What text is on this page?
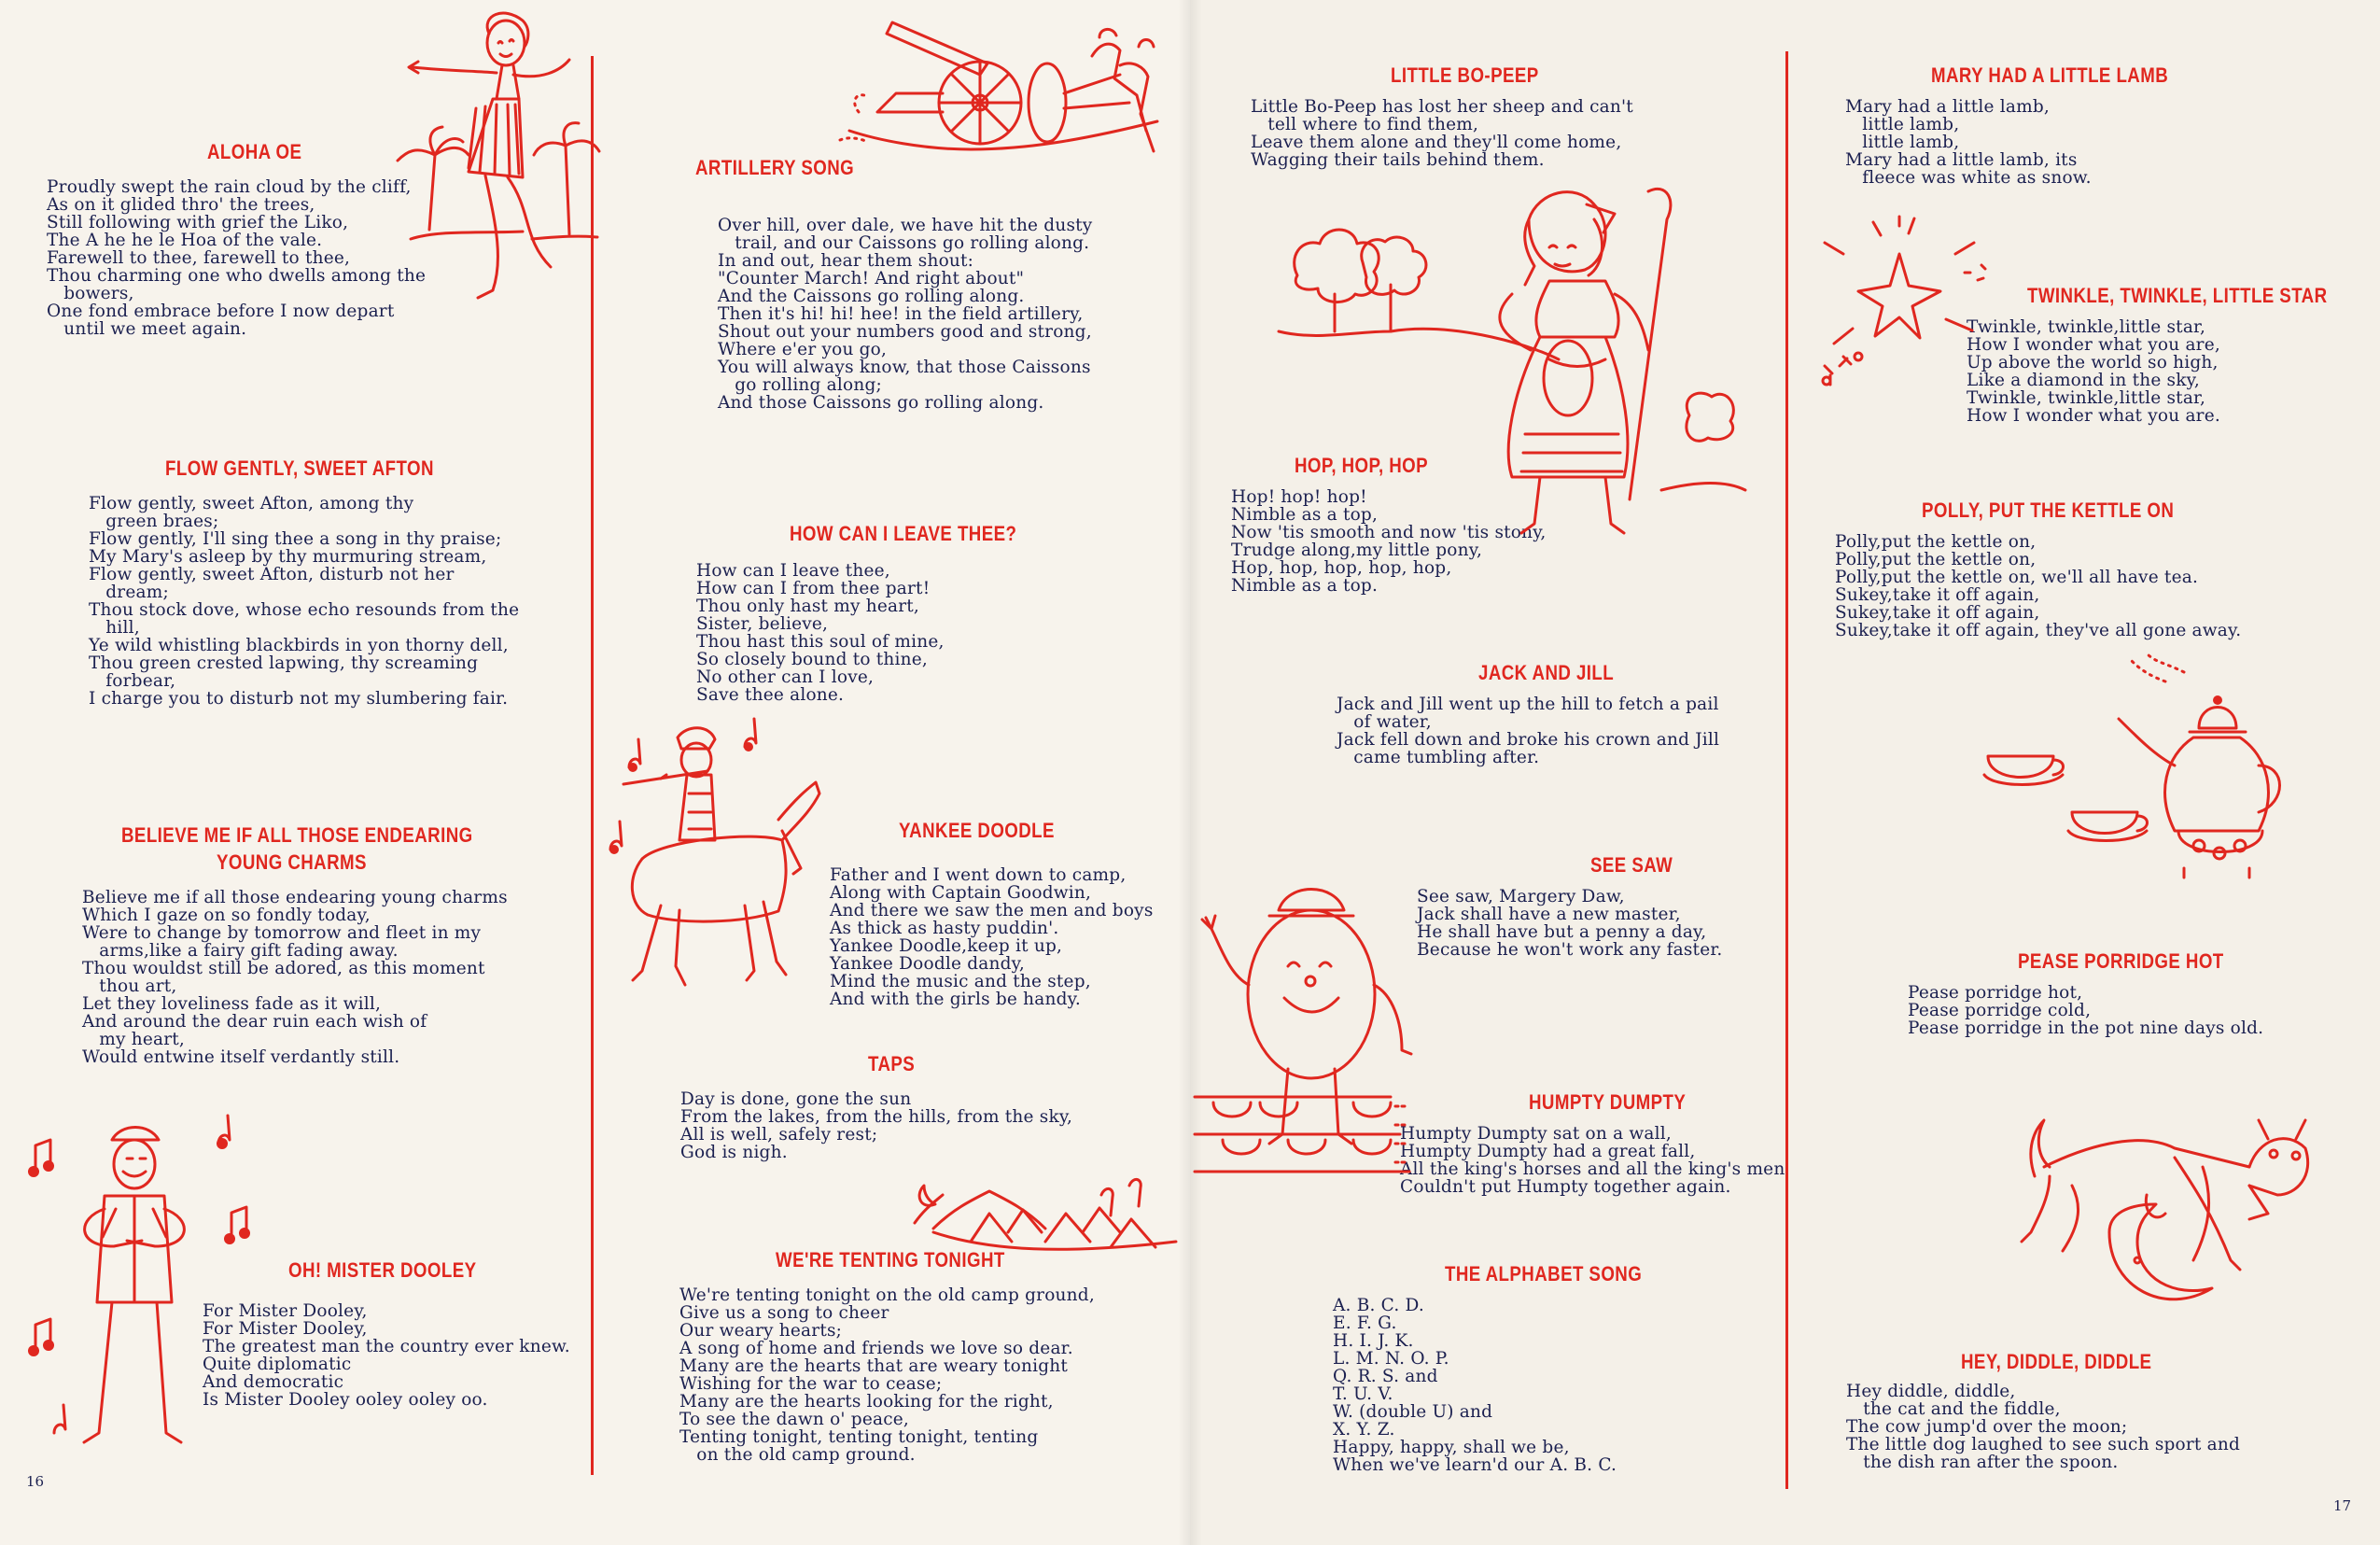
ALOHA OE

Proudly swept the rain cloud by the cliff,
As on it glided thro' the trees,
Still following with grief the Liko,
The A he he le Hoa of the vale.
Farewell to thee, farewell to thee,
Thou charming one who dwells among the
bowers,
One fond embrace before I now depart
until we meet again.

FLOW GENTLY, SWEET AFTON

Flow gently, sweet Afton, among thy
green braes;
Flow gently, I'll sing thee a song in thy praise;
My Mary's asleep by thy murmuring stream,
Flow gently, sweet Afton, disturb not her
dream;
Thou stock dove, whose echo resounds from the
hill,
Ye wild whistling blackbirds in yon thorny dell,
Thou green crested lapwing, thy screaming
forbear,
I charge you to disturb not my slumbering fair.

BELIEVE ME IF ALL THOSE ENDEARING
YOUNG CHARMS

Believe me if all those endearing young charms
Which I gaze on so fondly today,
Were to change by tomorrow and fleet in my
arms,like a fairy gift fading away.
Thou wouldst still be adored, as this moment
thou art,
Let they loveliness fade as it will,
And around the dear ruin each wish of
my heart,
Would entwine itself verdantly still.

OH! MISTER DOOLEY

For Mister Dooley,
For Mister Dooley,
The greatest man the country ever knew.
Quite diplomatic
And democratic
Is Mister Dooley ooley ooley oo.

16
ARTILLERY SONG

Over hill, over dale, we have hit the dusty
trail, and our Caissons go rolling along.
In and out, hear them shout:
"Counter March! And right about"
And the Caissons go rolling along.
Then it's hi! hi! hee! in the field artillery,
Shout out your numbers good and strong,
Where e'er you go,
You will always know, that those Caissons
go rolling along;
And those Caissons go rolling along.

HOW CAN I LEAVE THEE?

How can I leave thee,
How can I from thee part!
Thou only hast my heart,
Sister, believe,
Thou hast this soul of mine,
So closely bound to thine,
No other can I love,
Save thee alone.

YANKEE DOODLE

Father and I went down to camp,
Along with Captain Goodwin,
And there we saw the men and boys
As thick as hasty puddin'.
Yankee Doodle,keep it up,
Yankee Doodle dandy,
Mind the music and the step,
And with the girls be handy.

TAPS

Day is done, gone the sun
From the lakes, from the hills, from the sky,
All is well, safely rest;
God is nigh.

WE'RE TENTING TONIGHT

We're tenting tonight on the old camp ground,
Give us a song to cheer
Our weary hearts;
A song of home and friends we love so dear.
Many are the hearts that are weary tonight
Wishing for the war to cease;
Many are the hearts looking for the right,
To see the dawn o' peace,
Tenting tonight, tenting tonight, tenting
on the old camp ground.

LITTLE BO-PEEP

Little Bo-Peep has lost her sheep and can't
tell where to find them,
Leave them alone and they'll come home,
Wagging their tails behind them.

HOP, HOP, HOP

Hop! hop! hop!
Nimble as a top,
Now 'tis smooth and now 'tis stony,
Trudge along,my little pony,
Hop, hop, hop, hop, hop,
Nimble as a top.

JACK AND JILL

Jack and Jill went up the hill to fetch a pail
of water,
Jack fell down and broke his crown and Jill
came tumbling after.

SEE SAW

See saw, Margery Daw,
Jack shall have a new master,
He shall have but a penny a day,
Because he won't work any faster.

HUMPTY DUMPTY

Humpty Dumpty sat on a wall,
Humpty Dumpty had a great fall,
All the king's horses and all the king's men
Couldn't put Humpty together again.

THE ALPHABET SONG

A. B. C. D.
E. F. G.
H. I. J. K.
L. M. N. O. P.
Q. R. S. and
T. U. V.
W. (double U) and
X. Y. Z.
Happy, happy, shall we be,
When we've learn'd our A. B. C.

MARY HAD A LITTLE LAMB

Mary had a little lamb,
little lamb,
little lamb,
Mary had a little lamb, its
fleece was white as snow.

TWINKLE, TWINKLE, LITTLE STAR

Twinkle, twinkle,little star,
How I wonder what you are,
Up above the world so high,
Like a diamond in the sky,
Twinkle, twinkle,little star,
How I wonder what you are.

POLLY, PUT THE KETTLE ON

Polly,put the kettle on,
Polly,put the kettle on,
Polly,put the kettle on, we'll all have tea.
Sukey,take it off again,
Sukey,take it off again,
Sukey,take it off again, they've all gone away.

PEASE PORRIDGE HOT

Pease porridge hot,
Pease porridge cold,
Pease porridge in the pot nine days old.

HEY, DIDDLE, DIDDLE

Hey diddle, diddle,
the cat and the fiddle,
The cow jump'd over the moon;
The little dog laughed to see such sport and
the dish ran after the spoon.

17
